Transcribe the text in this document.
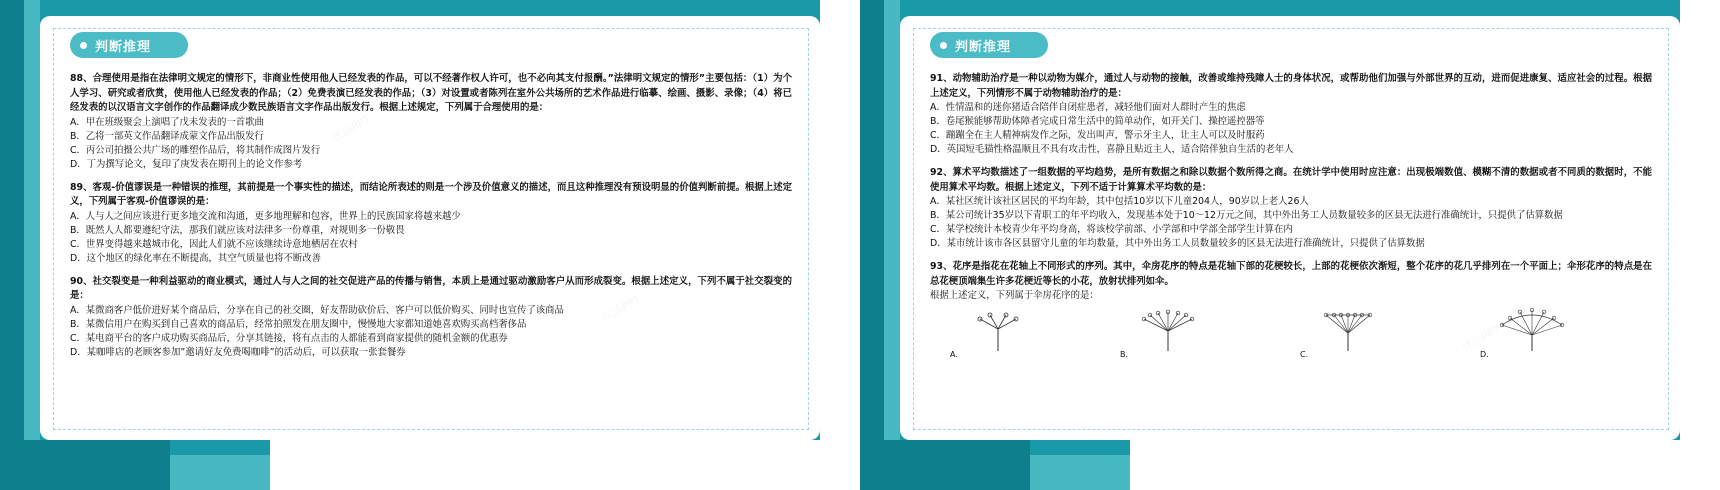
判断推理
88、合理使用是指在法律明文规定的情形下，非商业性使用他人已经发表的作品，可以不经著作权人许可，也不必向其支付报酬。”法律明文规定的情形”主要包括：（1）为个人学习、研究或者欣赏，使用他人已经发表的作品；（2）免费表演已经发表的作品；（3）对设置或者陈列在室外公共场所的艺术作品进行临摹、绘画、摄影、录像；（4）将已经发表的以汉语言文字创作的作品翻译成少数民族语言文字作品出版发行。根据上述规定，下列属于合理使用的是：
A．甲在班级聚会上演唱了戊未发表的一首歌曲
B．乙将一部英文作品翻译成蒙文作品出版发行
C．丙公司拍摄公共广场的雕塑作品后，将其制作成图片发行
D．丁为撰写论文，复印了庚发表在期刊上的论文作参考
89、客观-价值谬误是一种错误的推理，其前提是一个事实性的描述，而结论所表述的则是一个涉及价值意义的描述，而且这种推理没有预设明显的价值判断前提。根据上述定义，下列属于客观-价值谬误的是：
A．人与人之间应该进行更多地交流和沟通，更多地理解和包容，世界上的民族国家将越来越少
B．既然人人都要遵纪守法，那我们就应该对法律多一份尊重，对规则多一份敬畏
C．世界变得越来越城市化，因此人们就不应该继续诗意地栖居在农村
D．这个地区的绿化率在不断提高，其空气质量也将不断改善
90、社交裂变是一种利益驱动的商业模式，通过人与人之间的社交促进产品的传播与销售，本质上是通过驱动激励客户从而形成裂变。根据上述定义，下列不属于社交裂变的是：
A．某微商客户低价进好某个商品后，分享在自己的社交圈，好友帮助砍价后、客户可以低价购买、同时也宣传了该商品
B．某微信用户在购买到自己喜欢的商品后，经常拍照发在朋友圈中，慢慢地大家都知道她喜欢购买高档奢侈品
C．某电商平台的客户成功购买商品后，分享其链接，将有点击的人都能看到商家提供的随机金额的优惠券
D．某咖啡店的老顾客参加”邀请好友免费喝咖啡”的活动后，可以获取一张套餐券
判断推理
91、动物辅助治疗是一种以动物为媒介，通过人与动物的接触，改善或维持残障人士的身体状况，或帮助他们加强与外部世界的互动，进而促进康复、适应社会的过程。根据上述定义，下列情形不属于动物辅助治疗的是：
A．性情温和的迷你猪适合陪伴自闭症患者，减轻他们面对人群时产生的焦虑
B．卷尾猴能够帮助体障者完成日常生活中的简单动作，如开关门、操控遥控器等
C．蹦蹦全在主人精神病发作之际，发出叫声，警示牙主人，让主人可以及时服药
D．英国短毛猫性格温顺且不具有攻击性，喜静且贴近主人，适合陪伴独自生活的老年人
92、算术平均数描述了一组数据的平均趋势，是所有数据之和除以数据个数所得之商。在统计学中使用时应注意：出现极端数值、模糊不清的数据或者不同质的数据时，不能使用算术平均数。根据上述定义，下列不适于计算算术平均数的是：
A．某社区统计该社区居民的平均年龄，其中包括10岁以下儿童204人，90岁以上老人26人
B．某公司统计35岁以下青职工的年平均收入，发现基本处于10～12万元之间，其中外出务工人员数量较多的区县无法进行准确统计，只提供了估算数据
C．某学校统计本校青少年平均身高，将该校学前部、小学部和中学部全部学生计算在内
D．某市统计该市各区县留守儿童的年均数量，其中外出务工人员数量较多的区县无法进行准确统计，只提供了估算数据
93、花序是指花在花轴上不同形式的序列。其中，伞房花序的特点是花轴下部的花梗较长，上部的花梗依次渐短，整个花序的花几乎排列在一个平面上；伞形花序的特点是在总花梗顶端集生许多花梗近等长的小花，放射状排列如伞。
根据上述定义，下列属于伞房花序的是：
A.	B.	C.	D.
